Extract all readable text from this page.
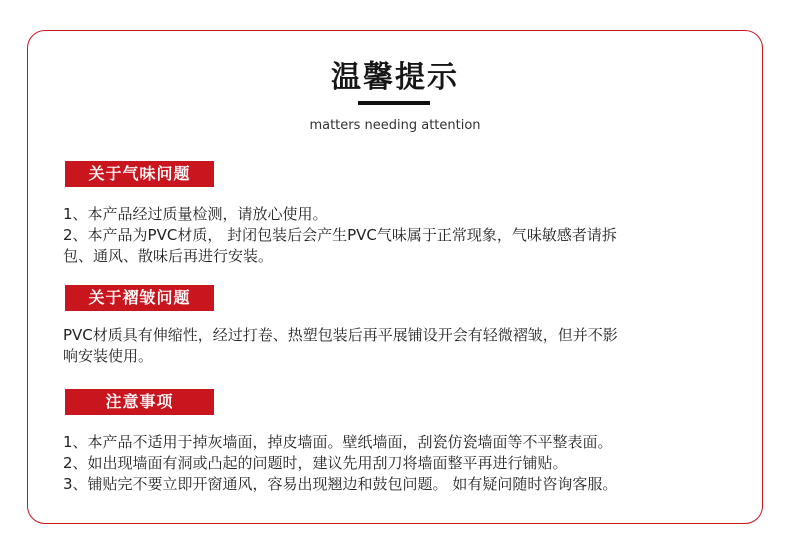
温馨提示
matters needing attention
关于气味问题
1、本产品经过质量检测，请放心使用。
2、本产品为PVC材质， 封闭包装后会产生PVC气味属于正常现象，气味敏感者请拆
包、通风、散味后再进行安装。
关于褶皱问题
PVC材质具有伸缩性，经过打卷、热塑包装后再平展铺设开会有轻微褶皱，但并不影
响安装使用。
注意事项
1、本产品不适用于掉灰墙面，掉皮墙面。壁纸墙面，刮瓷仿瓷墙面等不平整表面。
2、如出现墙面有洞或凸起的问题时，建议先用刮刀将墙面整平再进行铺贴。
3、铺贴完不要立即开窗通风，容易出现翘边和鼓包问题。 如有疑问随时咨询客服。
